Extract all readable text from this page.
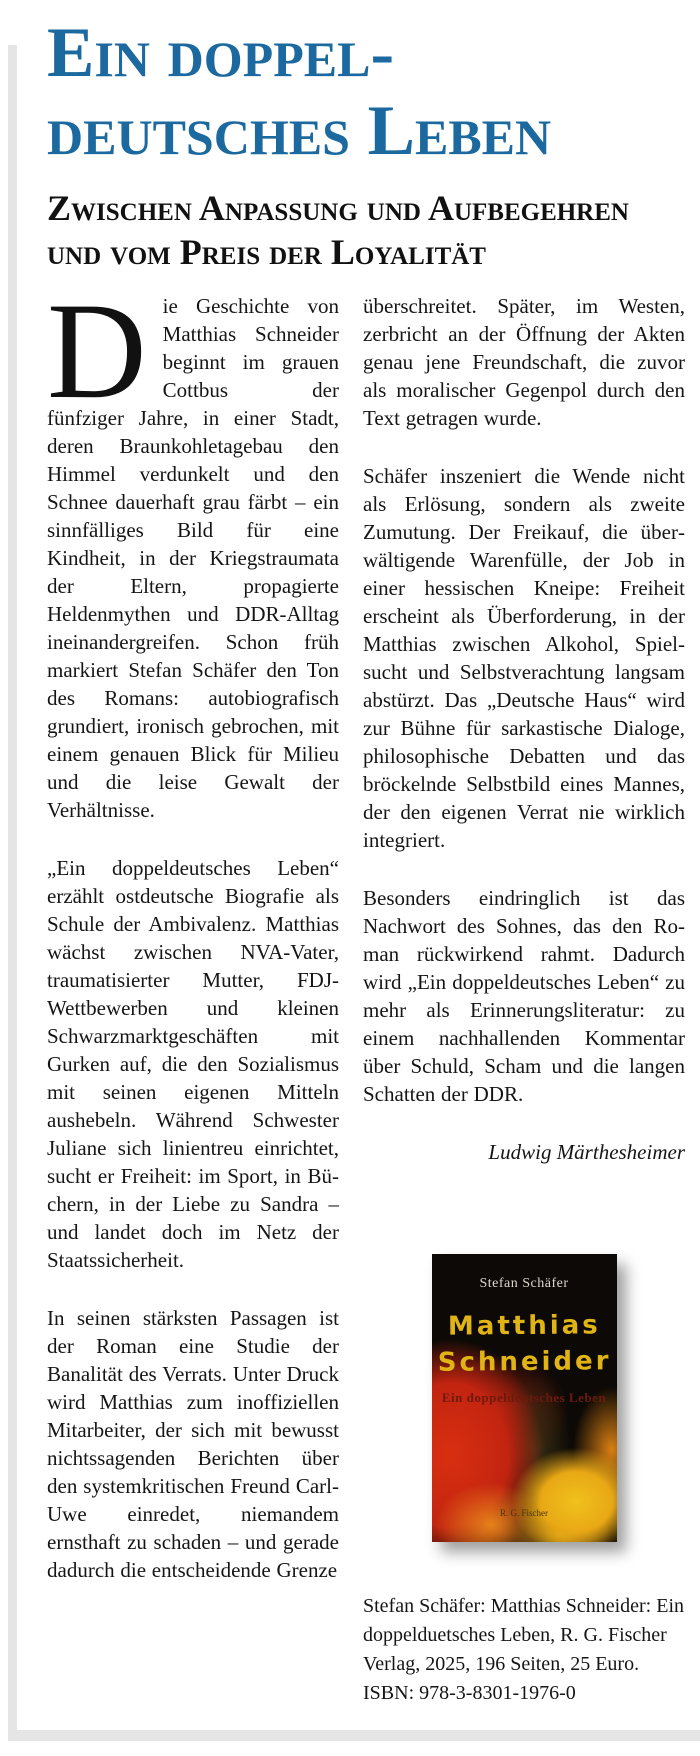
Ein doppel-
deutsches Leben
Zwischen Anpassung und Aufbegehren
und vom Preis der Loyalität

Die Geschichte von Matthias Schneider beginnt im grauen Cottbus der fünfziger Jahre, in einer Stadt, deren Braunkohletagebau den Himmel verdunkelt und den Schnee dauerhaft grau färbt – ein sinnfälliges Bild für eine Kindheit, in der Kriegstraumata der Eltern, propagierte Heldenmythen und DDR-Alltag ineinandergreifen. Schon früh markiert Stefan Schäfer den Ton des Romans: autobiografisch grundiert, ironisch gebrochen, mit einem genauen Blick für Milieu und die leise Gewalt der Verhältnisse.

„Ein doppeldeutsches Leben“ erzählt ostdeutsche Biografie als Schule der Ambivalenz. Matthias wächst zwischen NVA-Vater, traumatisierter Mutter, FDJ-Wettbewerben und kleinen Schwarzmarktgeschäften mit Gurken auf, die den Sozialismus mit seinen eigenen Mitteln aushebeln. Während Schwester Juliane sich linientreu einrichtet, sucht er Freiheit: im Sport, in Büchern, in der Liebe zu Sandra – und landet doch im Netz der Staatssicherheit.

In seinen stärksten Passagen ist der Roman eine Studie der Banalität des Verrats. Unter Druck wird Matthias zum inoffiziellen Mitarbeiter, der sich mit bewusst nichtssagenden Berichten über den systemkritischen Freund Carl-Uwe einredet, niemandem ernsthaft zu schaden – und gerade dadurch die entscheidende Grenze

überschreitet. Später, im Westen, zerbricht an der Öffnung der Akten genau jene Freundschaft, die zuvor als moralischer Gegenpol durch den Text getragen wurde.

Schäfer inszeniert die Wende nicht als Erlösung, sondern als zweite Zumutung. Der Freikauf, die überwältigende Warenfülle, der Job in einer hessischen Kneipe: Freiheit erscheint als Überforderung, in der Matthias zwischen Alkohol, Spielsucht und Selbstverachtung langsam abstürzt. Das „Deutsche Haus“ wird zur Bühne für sarkastische Dialoge, philosophische Debatten und das bröckelnde Selbstbild eines Mannes, der den eigenen Verrat nie wirklich integriert.

Besonders eindringlich ist das Nachwort des Sohnes, das den Roman rückwirkend rahmt. Dadurch wird „Ein doppeldeutsches Leben“ zu mehr als Erinnerungsliteratur: zu einem nachhallenden Kommentar über Schuld, Scham und die langen Schatten der DDR.

Ludwig Märthesheimer

Stefan Schäfer
Matthias
Schneider
Ein doppeldeutsches Leben
R. G. Fischer

Stefan Schäfer: Matthias Schneider: Ein doppelduetsches Leben, R. G. Fischer Verlag, 2025, 196 Seiten, 25 Euro. ISBN: 978-3-8301-1976-0
